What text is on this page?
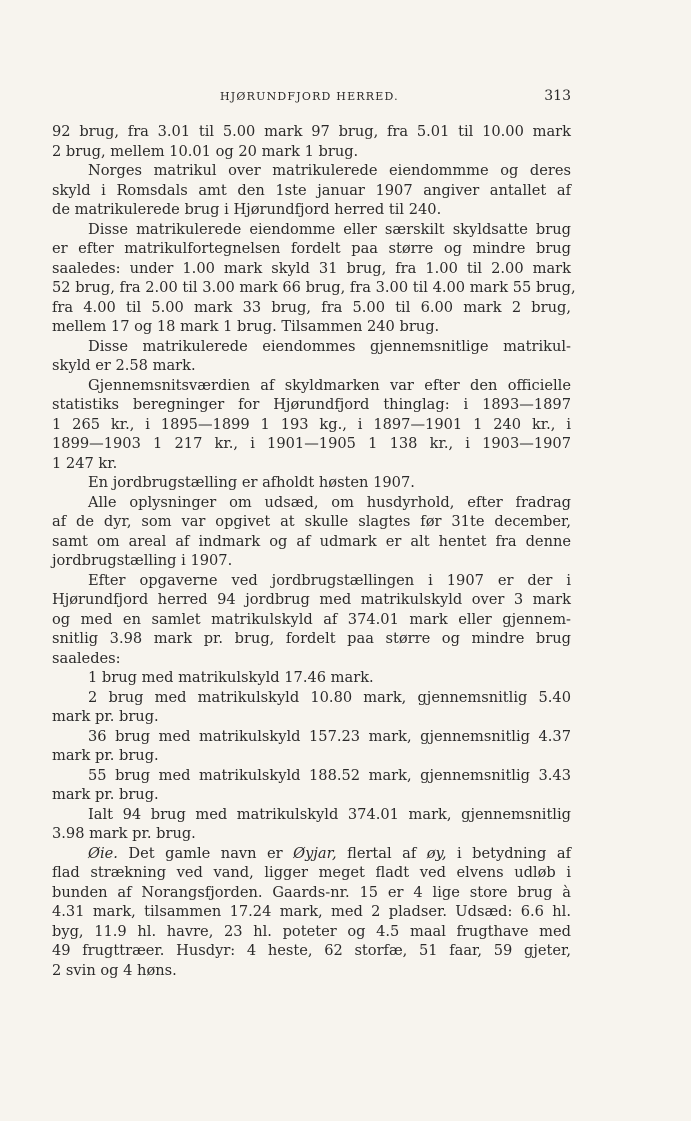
HJØRUNDFJORD HERRED.	313
92 brug, fra 3.01 til 5.00 mark 97 brug, fra 5.01 til 10.00 mark
2 brug, mellem 10.01 og 20 mark 1 brug.
Norges matrikul over matrikulerede eiendommme og deres
skyld i Romsdals amt den 1ste januar 1907 angiver antallet af
de matrikulerede brug i Hjørundfjord herred til 240.
Disse matrikulerede eiendomme eller særskilt skyldsatte brug
er efter matrikulfortegnelsen fordelt paa større og mindre brug
saaledes: under 1.00 mark skyld 31 brug, fra 1.00 til 2.00 mark
52 brug, fra 2.00 til 3.00 mark 66 brug, fra 3.00 til 4.00 mark 55 brug,
fra 4.00 til 5.00 mark 33 brug, fra 5.00 til 6.00 mark 2 brug,
mellem 17 og 18 mark 1 brug. Tilsammen 240 brug.
Disse matrikulerede eiendommes gjennemsnitlige matrikul-
skyld er 2.58 mark.
Gjennemsnitsværdien af skyldmarken var efter den officielle
statistiks beregninger for Hjørundfjord thinglag: i 1893—1897
1 265 kr., i 1895—1899 1 193 kg., i 1897—1901 1 240 kr., i
1899—1903 1 217 kr., i 1901—1905 1 138 kr., i 1903—1907
1 247 kr.
En jordbrugstælling er afholdt høsten 1907.
Alle oplysninger om udsæd, om husdyrhold, efter fradrag
af de dyr, som var opgivet at skulle slagtes før 31te december,
samt om areal af indmark og af udmark er alt hentet fra denne
jordbrugstælling i 1907.
Efter opgaverne ved jordbrugstællingen i 1907 er der i
Hjørundfjord herred 94 jordbrug med matrikulskyld over 3 mark
og med en samlet matrikulskyld af 374.01 mark eller gjennem-
snitlig 3.98 mark pr. brug, fordelt paa større og mindre brug
saaledes:
1 brug med matrikulskyld 17.46 mark.
2 brug med matrikulskyld 10.80 mark, gjennemsnitlig 5.40
mark pr. brug.
36 brug med matrikulskyld 157.23 mark, gjennemsnitlig 4.37
mark pr. brug.
55 brug med matrikulskyld 188.52 mark, gjennemsnitlig 3.43
mark pr. brug.
Ialt 94 brug med matrikulskyld 374.01 mark, gjennemsnitlig
3.98 mark pr. brug.
Øie. Det gamle navn er Øyjar, flertal af øy, i betydning af
flad strækning ved vand, ligger meget fladt ved elvens udløb i
bunden af Norangsfjorden. Gaards-nr. 15 er 4 lige store brug à
4.31 mark, tilsammen 17.24 mark, med 2 pladser. Udsæd: 6.6 hl.
byg, 11.9 hl. havre, 23 hl. poteter og 4.5 maal frugthave med
49 frugttræer. Husdyr: 4 heste, 62 storfæ, 51 faar, 59 gjeter,
2 svin og 4 høns.
